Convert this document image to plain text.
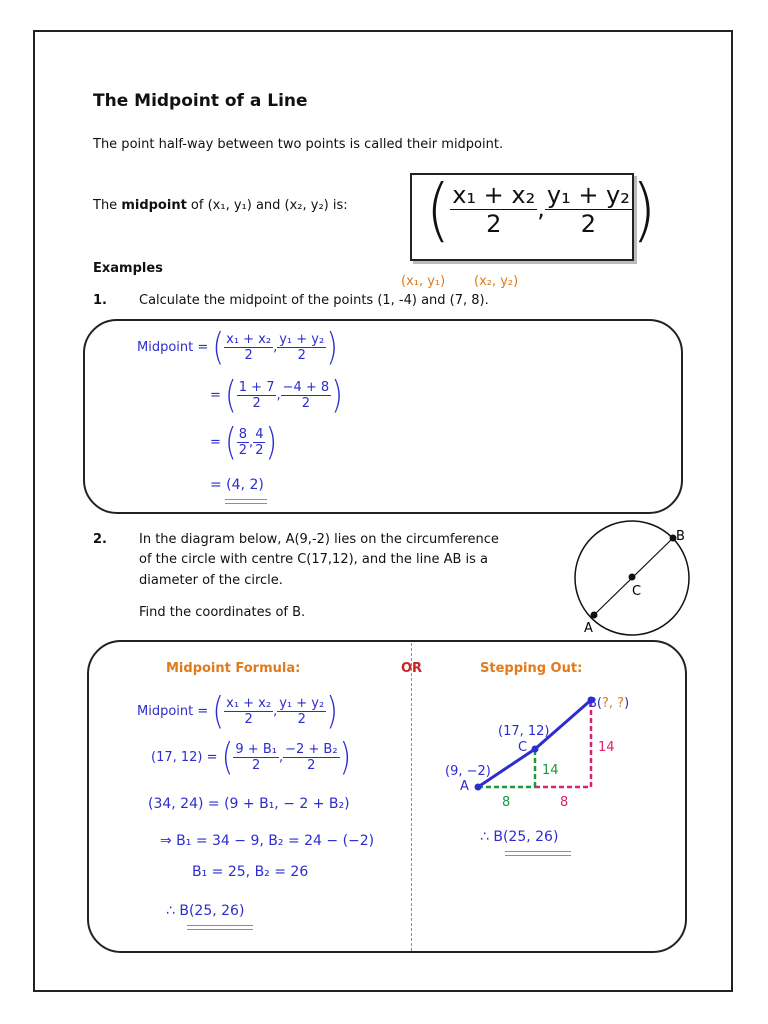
The Midpoint of a Line
The point half-way between two points is called their midpoint.
The midpoint of (x₁, y₁) and (x₂, y₂) is: ( $\frac{\text{x₁ + x₂}}{2}$ , $\frac{\text{y₁ + y₂}}{2}$ )
Examples
(x₁, y₁) (x₂, y₂)
1. Calculate the midpoint of the points (1, -4) and (7, 8).
Midpoint = ( $\frac{\text{x₁ + x₂}}{2}$ , $\frac{\text{y₁ + y₂}}{2}$ )
= ( $\frac{1 + 7}{2}$ , $\frac{-4 + 8}{2}$ )
= ( $\frac{8}{2}$ , $\frac{4}{2}$ )
= (4, 2)
2. In the diagram below, A(9,-2) lies on the circumference
of the circle with centre C(17,12), and the line AB is a
diameter of the circle.
Find the coordinates of B.
A
B
C
Midpoint Formula:	OR	Stepping Out:
Midpoint = ( $\frac{\text{x₁ + x₂}}{2}$ , $\frac{\text{y₁ + y₂}}{2}$ )
(17, 12) = ( $\frac{\text{9 + B₁}}{2}$ , $\frac{\text{−2 + B₂}}{2}$ )
(34, 24) = (9 + B₁, − 2 + B₂)
⇒ B₁ = 34 − 9, B₂ = 24 − (−2)
B₁ = 25, B₂ = 26
∴ B(25, 26)
B(?, ?)
(17, 12)
C
(9, −2)
A
8	8
14
14
∴ B(25, 26)
